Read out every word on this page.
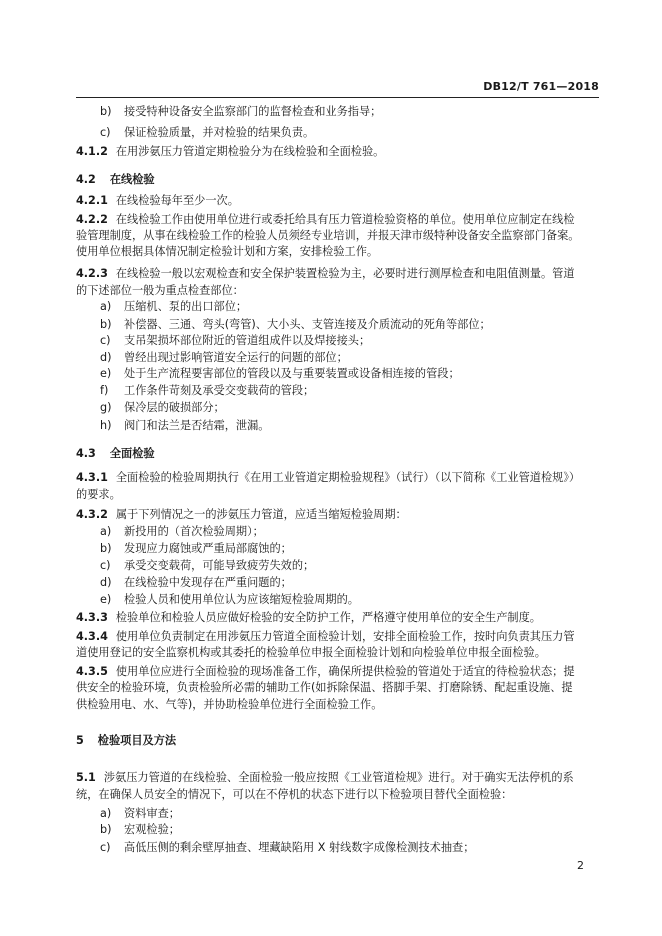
DB12/T 761—2018
b) 接受特种设备安全监察部门的监督检查和业务指导；
c) 保证检验质量，并对检验的结果负责。
4.1.2 在用涉氨压力管道定期检验分为在线检验和全面检验。
4.2 在线检验
4.2.1 在线检验每年至少一次。
4.2.2 在线检验工作由使用单位进行或委托给具有压力管道检验资格的单位。使用单位应制定在线检
验管理制度，从事在线检验工作的检验人员须经专业培训，并报天津市级特种设备安全监察部门备案。
使用单位根据具体情况制定检验计划和方案，安排检验工作。
4.2.3 在线检验一般以宏观检查和安全保护装置检验为主，必要时进行测厚检查和电阻值测量。管道
的下述部位一般为重点检查部位：
a) 压缩机、泵的出口部位；
b) 补偿器、三通、弯头(弯管)、大小头、支管连接及介质流动的死角等部位；
c) 支吊架损坏部位附近的管道组成件以及焊接接头；
d) 曾经出现过影响管道安全运行的问题的部位；
e) 处于生产流程要害部位的管段以及与重要装置或设备相连接的管段；
f) 工作条件苛刻及承受交变载荷的管段；
g) 保冷层的破损部分；
h) 阀门和法兰是否结霜，泄漏。
4.3 全面检验
4.3.1 全面检验的检验周期执行《在用工业管道定期检验规程》（试行）（以下简称《工业管道检规》）
的要求。
4.3.2 属于下列情况之一的涉氨压力管道，应适当缩短检验周期：
a) 新投用的（首次检验周期）；
b) 发现应力腐蚀或严重局部腐蚀的；
c) 承受交变载荷，可能导致疲劳失效的；
d) 在线检验中发现存在严重问题的；
e) 检验人员和使用单位认为应该缩短检验周期的。
4.3.3 检验单位和检验人员应做好检验的安全防护工作，严格遵守使用单位的安全生产制度。
4.3.4 使用单位负责制定在用涉氨压力管道全面检验计划，安排全面检验工作，按时向负责其压力管
道使用登记的安全监察机构或其委托的检验单位申报全面检验计划和向检验单位申报全面检验。
4.3.5 使用单位应进行全面检验的现场准备工作，确保所提供检验的管道处于适宜的待检验状态；提
供安全的检验环境，负责检验所必需的辅助工作(如拆除保温、搭脚手架、打磨除锈、配起重设施、提
供检验用电、水、气等)，并协助检验单位进行全面检验工作。
5 检验项目及方法
5.1 涉氨压力管道的在线检验、全面检验一般应按照《工业管道检规》进行。对于确实无法停机的系
统，在确保人员安全的情况下，可以在不停机的状态下进行以下检验项目替代全面检验：
a) 资料审查；
b) 宏观检验；
c) 高低压侧的剩余壁厚抽查、埋藏缺陷用 X 射线数字成像检测技术抽查；
2
